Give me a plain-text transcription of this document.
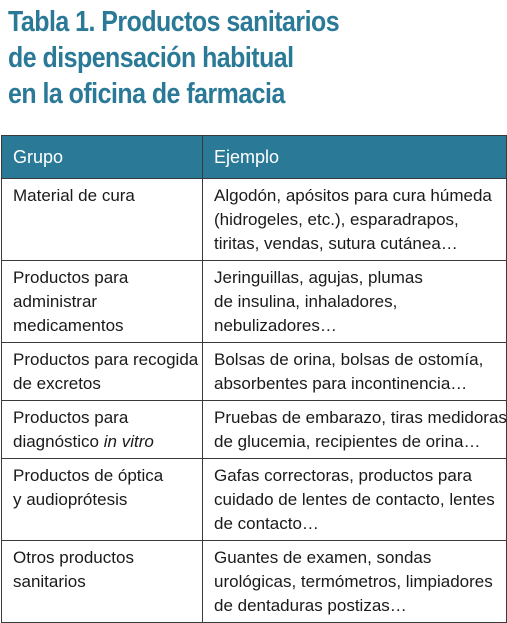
Tabla 1. Productos sanitarios
de dispensación habitual
en la oficina de farmacia
Grupo	Ejemplo

Material de cura	Algodón, apósitos para cura húmeda
(hidrogeles, etc.), esparadrapos,
tiritas, vendas, sutura cutánea…

Productos para
administrar
medicamentos	Jeringuillas, agujas, plumas
de insulina, inhaladores,
nebulizadores…

Productos para recogida
de excretos	Bolsas de orina, bolsas de ostomía,
absorbentes para incontinencia…

Productos para
diagnóstico in vitro	Pruebas de embarazo, tiras medidoras
de glucemia, recipientes de orina…

Productos de óptica
y audioprótesis	Gafas correctoras, productos para
cuidado de lentes de contacto, lentes
de contacto…

Otros productos
sanitarios	Guantes de examen, sondas
urológicas, termómetros, limpiadores
de dentaduras postizas…
